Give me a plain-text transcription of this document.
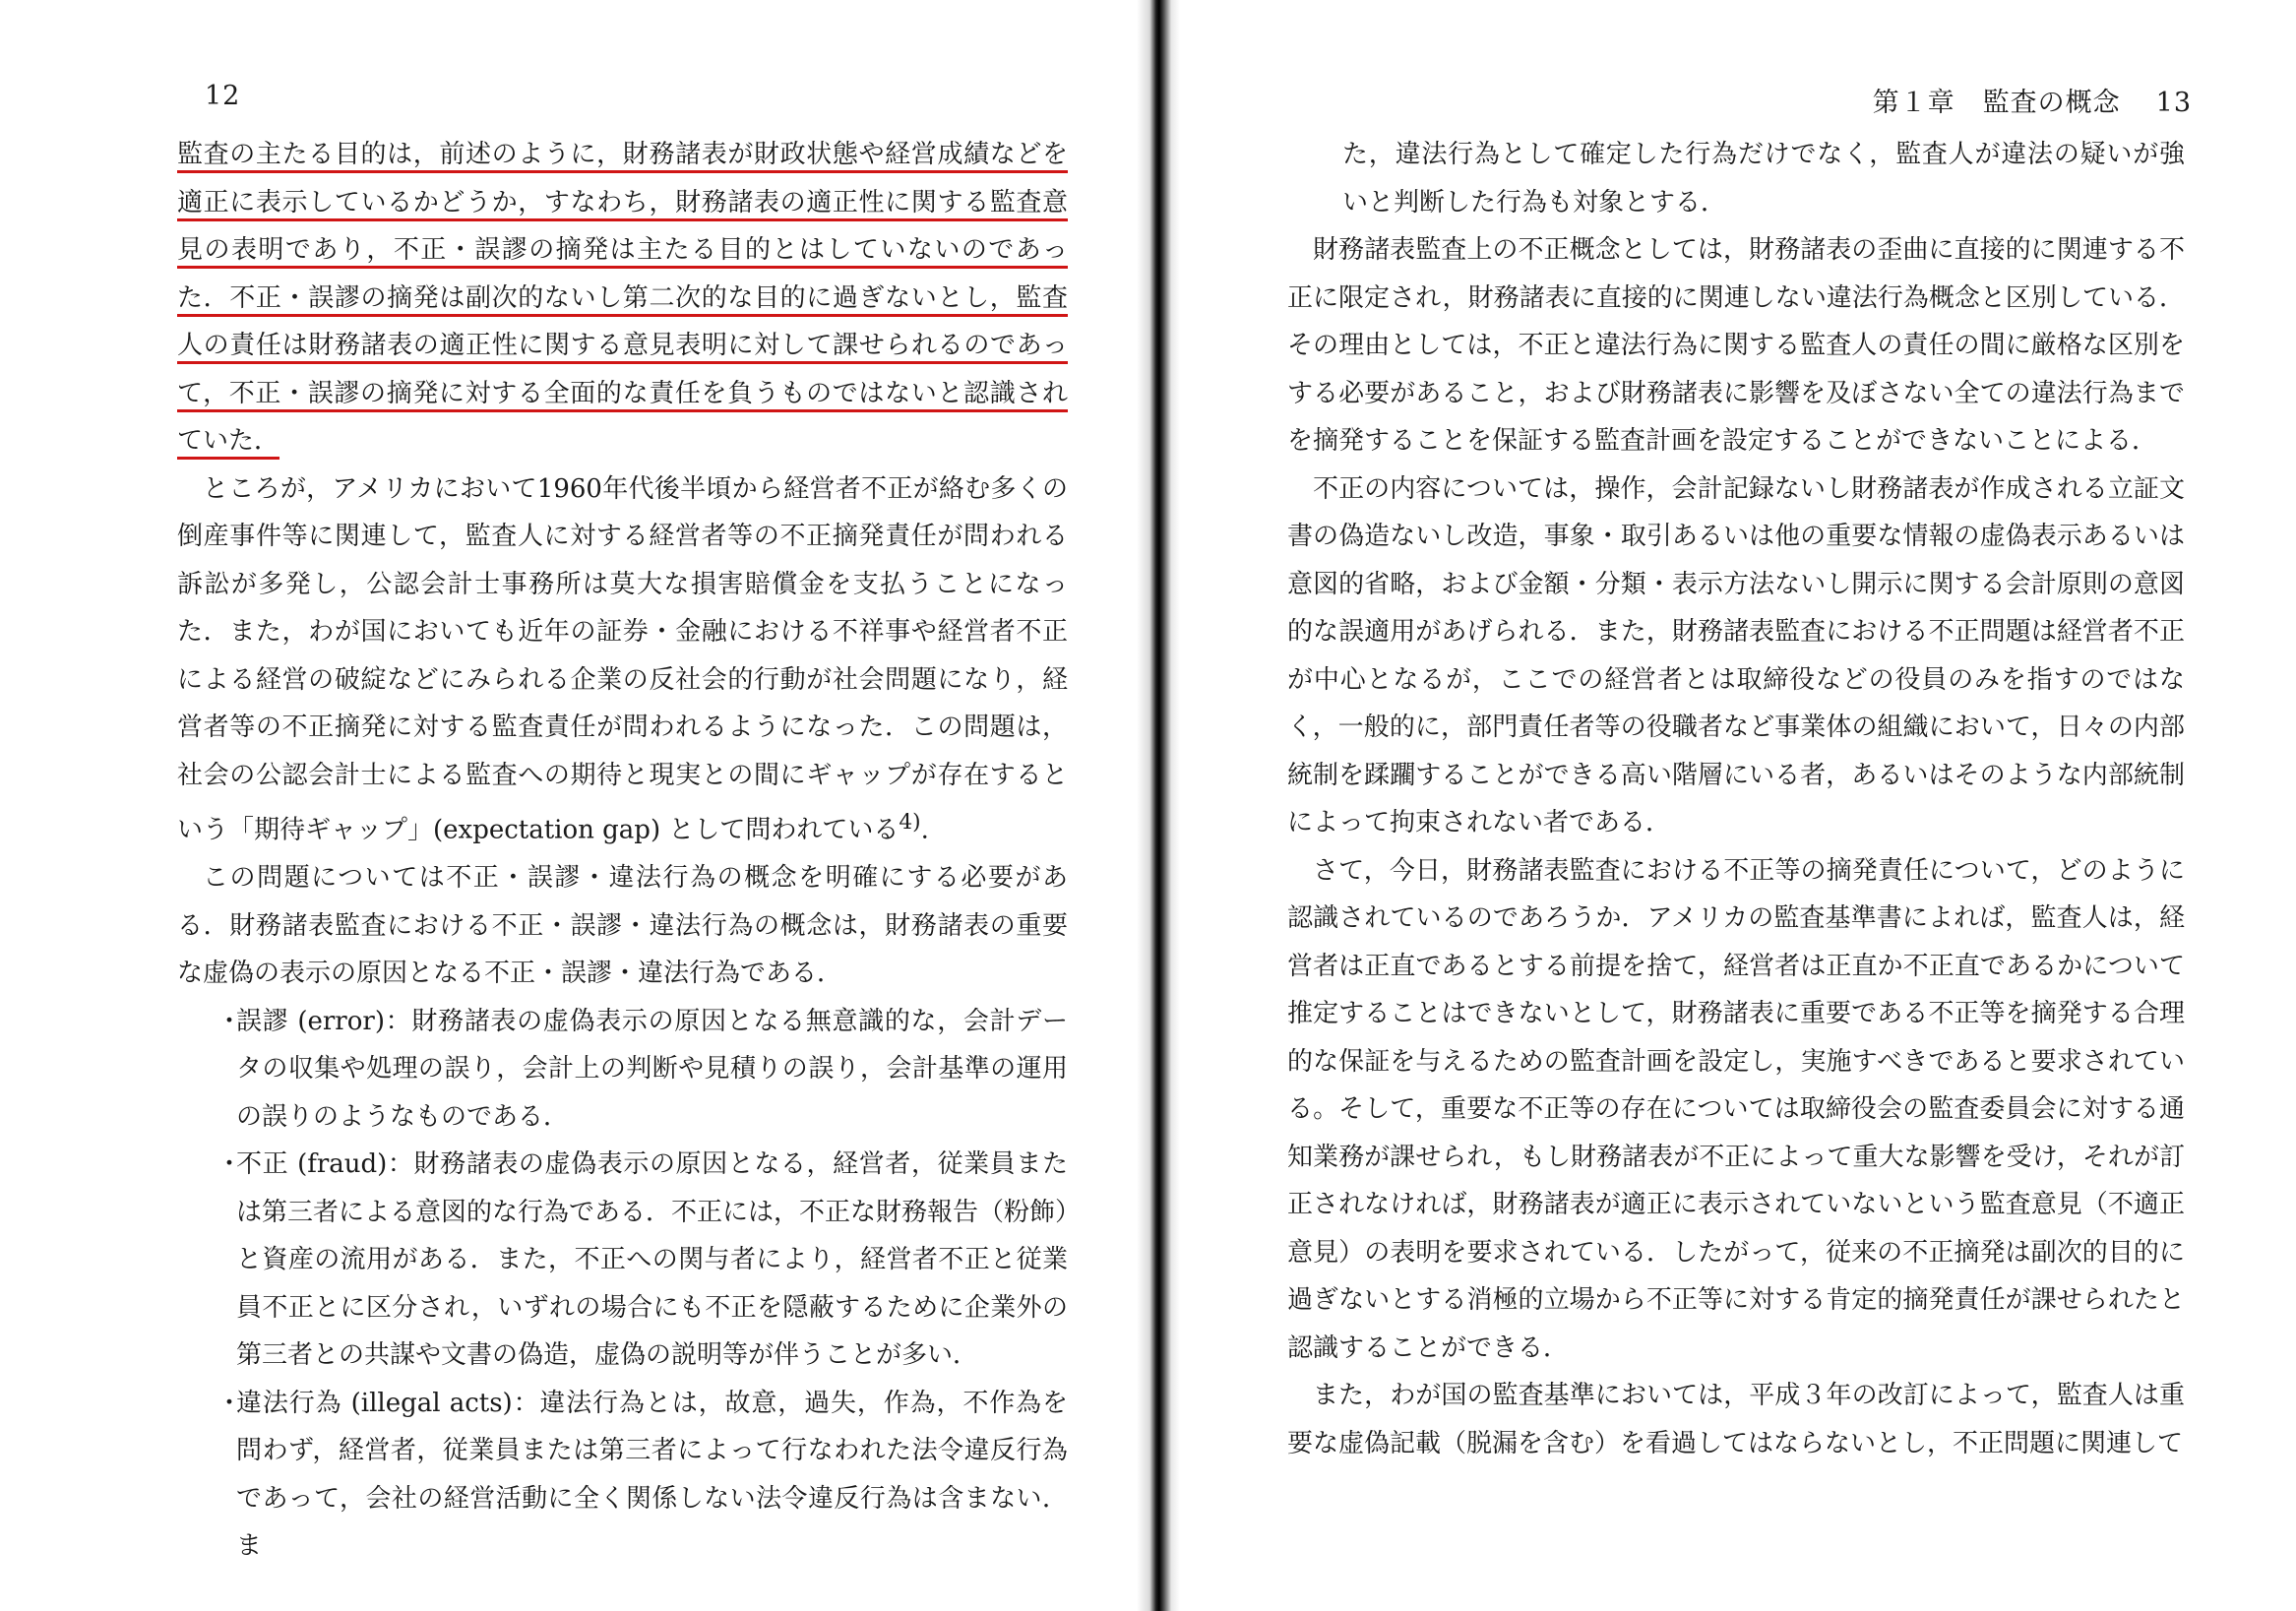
12

監査の主たる目的は，前述のように，財務諸表が財政状態や経営成績などを適正に表示しているかどうか，すなわち，財務諸表の適正性に関する監査意見の表明であり，不正・誤謬の摘発は主たる目的とはしていないのであった．不正・誤謬の摘発は副次的ないし第二次的な目的に過ぎないとし，監査人の責任は財務諸表の適正性に関する意見表明に対して課せられるのであって，不正・誤謬の摘発に対する全面的な責任を負うものではないと認識されていた．

ところが，アメリカにおいて1960年代後半頃から経営者不正が絡む多くの倒産事件等に関連して，監査人に対する経営者等の不正摘発責任が問われる訴訟が多発し，公認会計士事務所は莫大な損害賠償金を支払うことになった．また，わが国においても近年の証券・金融における不祥事や経営者不正による経営の破綻などにみられる企業の反社会的行動が社会問題になり，経営者等の不正摘発に対する監査責任が問われるようになった．この問題は，社会の公認会計士による監査への期待と現実との間にギャップが存在するという「期待ギャップ」(expectation gap) として問われている$^{4)}$.

この問題については不正・誤謬・違法行為の概念を明確にする必要がある．財務諸表監査における不正・誤謬・違法行為の概念は，財務諸表の重要な虚偽の表示の原因となる不正・誤謬・違法行為である．

・
誤謬 (error)：財務諸表の虚偽表示の原因となる無意識的な，会計データの収集や処理の誤り，会計上の判断や見積りの誤り，会計基準の運用の誤りのようなものである．
・
不正 (fraud)：財務諸表の虚偽表示の原因となる，経営者，従業員または第三者による意図的な行為である．不正には，不正な財務報告（粉飾）と資産の流用がある．また，不正への関与者により，経営者不正と従業員不正とに区分され，いずれの場合にも不正を隠蔽するために企業外の第三者との共謀や文書の偽造，虚偽の説明等が伴うことが多い．
・
違法行為 (illegal acts)：違法行為とは，故意，過失，作為，不作為を問わず，経営者，従業員または第三者によって行なわれた法令違反行為であって，会社の経営活動に全く関係しない法令違反行為は含まない．ま
第１章　監査の概念 13

た，違法行為として確定した行為だけでなく，監査人が違法の疑いが強いと判断した行為も対象とする．

財務諸表監査上の不正概念としては，財務諸表の歪曲に直接的に関連する不正に限定され，財務諸表に直接的に関連しない違法行為概念と区別している．その理由としては，不正と違法行為に関する監査人の責任の間に厳格な区別をする必要があること，および財務諸表に影響を及ぼさない全ての違法行為までを摘発することを保証する監査計画を設定することができないことによる．

不正の内容については，操作，会計記録ないし財務諸表が作成される立証文書の偽造ないし改造，事象・取引あるいは他の重要な情報の虚偽表示あるいは意図的省略，および金額・分類・表示方法ないし開示に関する会計原則の意図的な誤適用があげられる．また，財務諸表監査における不正問題は経営者不正が中心となるが，ここでの経営者とは取締役などの役員のみを指すのではなく，一般的に，部門責任者等の役職者など事業体の組織において，日々の内部統制を蹂躙することができる高い階層にいる者，あるいはそのような内部統制によって拘束されない者である．

さて，今日，財務諸表監査における不正等の摘発責任について，どのように認識されているのであろうか．アメリカの監査基準書によれば，監査人は，経営者は正直であるとする前提を捨て，経営者は正直か不正直であるかについて推定することはできないとして，財務諸表に重要である不正等を摘発する合理的な保証を与えるための監査計画を設定し，実施すべきであると要求されている。そして，重要な不正等の存在については取締役会の監査委員会に対する通知業務が課せられ，もし財務諸表が不正によって重大な影響を受け，それが訂正されなければ，財務諸表が適正に表示されていないという監査意見（不適正意見）の表明を要求されている．したがって，従来の不正摘発は副次的目的に過ぎないとする消極的立場から不正等に対する肯定的摘発責任が課せられたと認識することができる．

また，わが国の監査基準においては，平成３年の改訂によって，監査人は重要な虚偽記載（脱漏を含む）を看過してはならないとし，不正問題に関連して
